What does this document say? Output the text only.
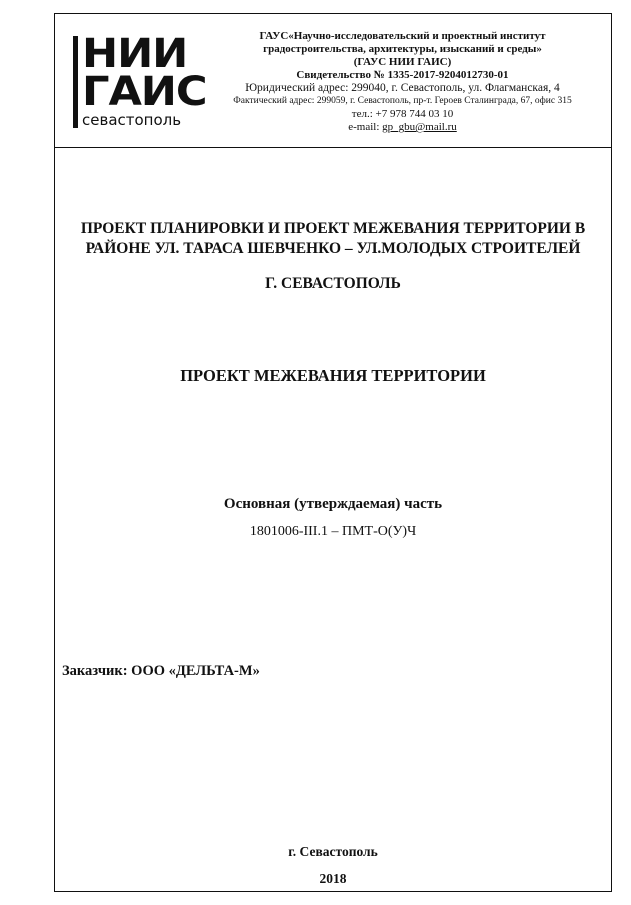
НИИ
ГАИС
севастополь
ГАУС«Научно-исследовательский и проектный институт
градостроительства, архитектуры, изысканий и среды»
(ГАУС НИИ ГАИС)
Свидетельство № 1335-2017-9204012730-01
Юридический адрес: 299040, г. Севастополь, ул. Флагманская, 4
Фактический адрес: 299059, г. Севастополь, пр-т. Героев Сталинграда, 67, офис 315
тел.: +7 978 744 03 10
e-mail: gp_gbu@mail.ru
ПРОЕКТ ПЛАНИРОВКИ И ПРОЕКТ МЕЖЕВАНИЯ ТЕРРИТОРИИ В
РАЙОНЕ УЛ. ТАРАСА ШЕВЧЕНКО – УЛ.МОЛОДЫХ СТРОИТЕЛЕЙ
Г. СЕВАСТОПОЛЬ
ПРОЕКТ МЕЖЕВАНИЯ ТЕРРИТОРИИ
Основная (утверждаемая) часть
1801006-III.1 – ПМТ-О(У)Ч
Заказчик: ООО «ДЕЛЬТА-М»
г. Севастополь
2018
